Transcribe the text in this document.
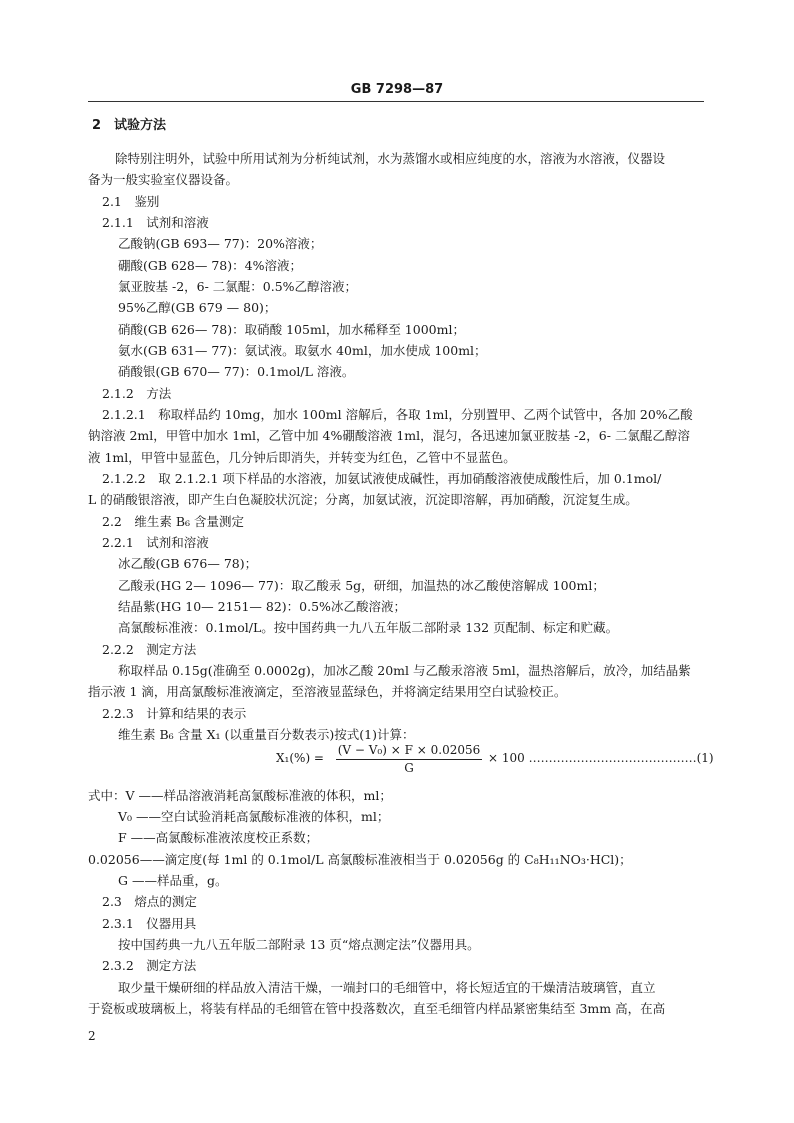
GB 7298—87
2　试验方法
除特别注明外，试验中所用试剂为分析纯试剂，水为蒸馏水或相应纯度的水，溶液为水溶液，仪器设
备为一般实验室仪器设备。
2.1　鉴别
2.1.1　试剂和溶液
乙酸钠(GB 693— 77)：20%溶液；
硼酸(GB 628— 78)：4%溶液；
氯亚胺基 -2，6- 二氯醌：0.5%乙醇溶液；
95%乙醇(GB 679 — 80)；
硝酸(GB 626— 78)：取硝酸 105ml，加水稀释至 1000ml；
氨水(GB 631— 77)：氨试液。取氨水 40ml，加水使成 100ml；
硝酸银(GB 670— 77)：0.1mol/L 溶液。
2.1.2　方法
2.1.2.1　称取样品约 10mg，加水 100ml 溶解后，各取 1ml，分别置甲、乙两个试管中，各加 20%乙酸
钠溶液 2ml，甲管中加水 1ml，乙管中加 4%硼酸溶液 1ml，混匀，各迅速加氯亚胺基 -2，6- 二氯醌乙醇溶
液 1ml，甲管中显蓝色，几分钟后即消失，并转变为红色，乙管中不显蓝色。
2.1.2.2　取 2.1.2.1 项下样品的水溶液，加氨试液使成碱性，再加硝酸溶液使成酸性后，加 0.1mol/
L 的硝酸银溶液，即产生白色凝胶状沉淀；分离，加氨试液，沉淀即溶解，再加硝酸，沉淀复生成。
2.2　维生素 B₆ 含量测定
2.2.1　试剂和溶液
冰乙酸(GB 676— 78)；
乙酸汞(HG 2— 1096— 77)：取乙酸汞 5g，研细，加温热的冰乙酸使溶解成 100ml；
结晶紫(HG 10— 2151— 82)：0.5%冰乙酸溶液；
高氯酸标准液：0.1mol/L。按中国药典一九八五年版二部附录 132 页配制、标定和贮藏。
2.2.2　测定方法
称取样品 0.15g(准确至 0.0002g)，加冰乙酸 20ml 与乙酸汞溶液 5ml，温热溶解后，放冷，加结晶紫
指示液 1 滴，用高氯酸标准液滴定，至溶液显蓝绿色，并将滴定结果用空白试验校正。
2.2.3　计算和结果的表示
维生素 B₆ 含量 X₁ (以重量百分数表示)按式(1)计算：
$X_1(\%) = \frac{\text{(V − V₀) × F × 0.02056}}{G} \times 100$ ……………………………………(1)
式中：V ——样品溶液消耗高氯酸标准液的体积，ml；
V₀ ——空白试验消耗高氯酸标准液的体积，ml；
F ——高氯酸标准液浓度校正系数；
0.02056——滴定度(每 1ml 的 0.1mol/L 高氯酸标准液相当于 0.02056g 的 C₈H₁₁NO₃·HCl)；
G ——样品重，g。
2.3　熔点的测定
2.3.1　仪器用具
按中国药典一九八五年版二部附录 13 页“熔点测定法”仪器用具。
2.3.2　测定方法
取少量干燥研细的样品放入清洁干燥，一端封口的毛细管中，将长短适宜的干燥清洁玻璃管，直立
于瓷板或玻璃板上，将装有样品的毛细管在管中投落数次，直至毛细管内样品紧密集结至 3mm 高，在高
2
